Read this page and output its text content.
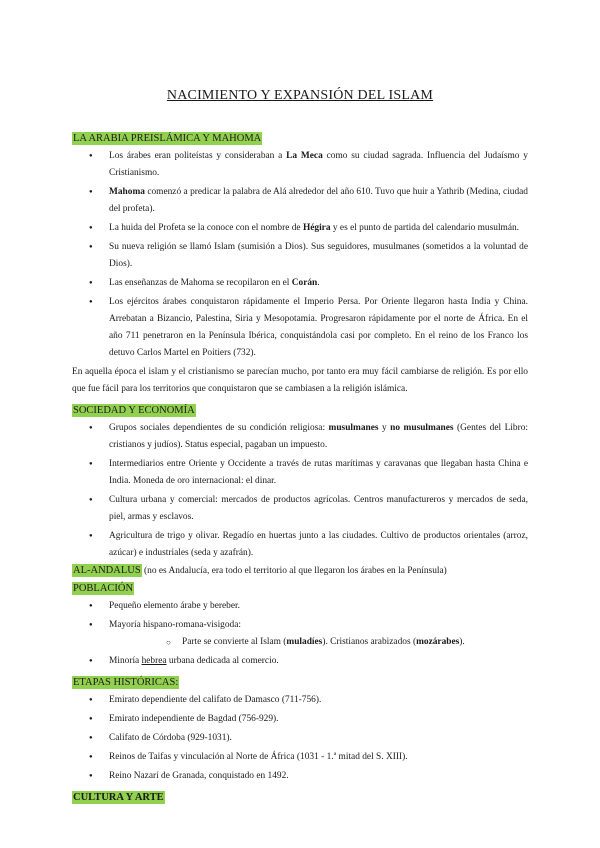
NACIMIENTO Y EXPANSIÓN DEL ISLAM
LA ARABIA PREISLÁMICA Y MAHOMA
● Los árabes eran politeístas y consideraban a La Meca como su ciudad sagrada. Influencia del Judaísmo y Cristianismo.
● Mahoma comenzó a predicar la palabra de Alá alrededor del año 610. Tuvo que huir a Yathrib (Medina, ciudad del profeta).
● La huida del Profeta se la conoce con el nombre de Hégira y es el punto de partida del calendario musulmán.
● Su nueva religión se llamó Islam (sumisión a Dios). Sus seguidores, musulmanes (sometidos a la voluntad de Dios).
● Las enseñanzas de Mahoma se recopilaron en el Corán.
● Los ejércitos árabes conquistaron rápidamente el Imperio Persa. Por Oriente llegaron hasta India y China. Arrebatan a Bizancio, Palestina, Siria y Mesopotamia. Progresaron rápidamente por el norte de África. En el año 711 penetraron en la Península Ibérica, conquistándola casi por completo. En el reino de los Franco los detuvo Carlos Martel en Poitiers (732).

En aquella época el islam y el cristianismo se parecían mucho, por tanto era muy fácil cambiarse de religión. Es por ello que fue fácil para los territorios que conquistaron que se cambiasen a la religión islámica.

SOCIEDAD Y ECONOMÍA
● Grupos sociales dependientes de su condición religiosa: musulmanes y no musulmanes (Gentes del Libro: cristianos y judíos). Status especial, pagaban un impuesto.
● Intermediarios entre Oriente y Occidente a través de rutas marítimas y caravanas que llegaban hasta China e India. Moneda de oro internacional: el dinar.
● Cultura urbana y comercial: mercados de productos agrícolas. Centros manufactureros y mercados de seda, piel, armas y esclavos.
● Agricultura de trigo y olivar. Regadío en huertas junto a las ciudades. Cultivo de productos orientales (arroz, azúcar) e industriales (seda y azafrán).
AL-ANDALUS (no es Andalucía, era todo el territorio al que llegaron los árabes en la Península)
POBLACIÓN
● Pequeño elemento árabe y bereber.
● Mayoría hispano-romana-visigoda:
○ Parte se convierte al Islam (muladíes). Cristianos arabizados (mozárabes).
● Minoría hebrea urbana dedicada al comercio.
ETAPAS HISTÓRICAS:
● Emirato dependiente del califato de Damasco (711-756).
● Emirato independiente de Bagdad (756-929).
● Califato de Córdoba (929-1031).
● Reinos de Taifas y vinculación al Norte de África (1031 - 1.ª mitad del S. XIII).
● Reino Nazarí de Granada, conquistado en 1492.
CULTURA Y ARTE
